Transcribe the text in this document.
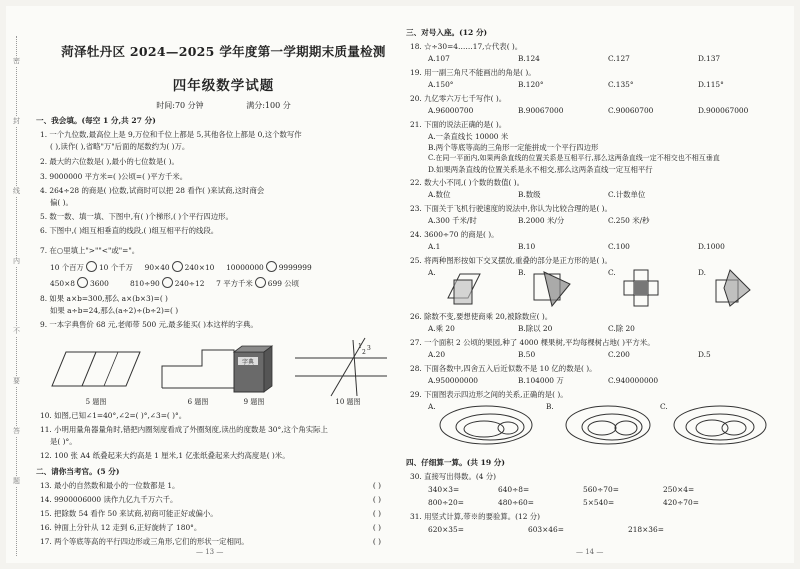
密
封
线
内
不
要
答
题
菏泽牡丹区 2024—2025 学年度第一学期期末质量检测
四年级数学试题
时间:70 分钟	满分:100 分
一、我会填。(每空 1 分,共 27 分)
1. 一个九位数,最高位上是 9,万位和千位上都是 5,其他各位上都是 0,这个数写作
( ),读作( ),省略"万"后面的尾数约为( )万。
2. 最大的六位数是( ),最小的七位数是( )。
3. 9000000 平方米=( )公顷=( )平方千米。
4. 264÷28 的商是( )位数,试商时可以把 28 看作( )来试商,这时商会
偏( )。
5. 数一数、填一填、下图中,有( )个梯形,( )个平行四边形。
6. 下图中,( )组互相垂直的线段,( )组互相平行的线段。
7. 在○里填上">""<"或"="。
10 个百万 10 个千万 90×40 240×10 10000000 9999999
450×8 3600	810÷90 240÷12 7 平方千米 699 公顷
8. 如果 a×b=300,那么 a×(b×3)=( )
如果 a÷b=24,那么(a÷2)÷(b÷2)=( )
9. 一本字典售价 68 元,老师带 500 元,最多能买( )本这样的字典。
字典
1
2
3
5 题图	6 题图	9 题图	10 题图
10. 如图,已知∠1=40°,∠2=( )°,∠3=( )°。
11. 小明用量角器量角时,错把内圈刻度看成了外圈刻度,读出的度数是 30°,这个角实际上
是( )°。
12. 100 张 A4 纸叠起来大约高是 1 厘米,1 亿张纸叠起来大约高度是( )米。
二、请你当考官。(5 分)
13. 最小的自然数和最小的一位数都是 1。	( )
14. 9900006000 读作九亿九千万六千。	( )
15. 把除数 54 看作 50 来试商,初商可能正好或偏小。	( )
16. 钟面上分针从 12 走到 6,正好旋转了 180°。	( )
17. 两个等底等高的平行四边形或三角形,它们的形状一定相同。	( )
— 13 —
三、对号入座。(12 分)
18. ☆÷30=4……17,☆代表( )。
A.107	B.124	C.127	D.137
19. 用一副三角尺不能画出的角是( )。
A.150°	B.120°	C.135°	D.115°
20. 九亿零六万七千写作( )。
A.96000700	B.90067000	C.90060700	D.900067000
21. 下面的说法正确的是( )。
A.一条直线长 10000 米
B.两个等底等高的三角形一定能拼成一个平行四边形
C.在同一平面内,如果两条直线的位置关系是互相平行,那么这两条直线一定不相交也不相互垂直
D.如果两条直线的位置关系是永不相交,那么这两条直线一定互相平行
22. 数大小不同,( )个数的数值( )。
A.数位	B.数级	C.计数单位
23. 下面关于飞机行驶速度的说法中,你认为比较合理的是( )。
A.300 千米/时	B.2000 米/分	C.250 米/秒
24. 3600÷70 的商是( )。
A.1	B.10	C.100	D.1000
25. 将两种图形按如下交叉摆放,重叠的部分是正方形的是( )。
A.	B.	C.	D.
26. 除数不变,要想使商乘 20,被除数应( )。
A.乘 20	B.除以 20	C.除 20
27. 一个面积 2 公顷的果园,种了 4000 棵果树,平均每棵树占地( )平方米。
A.20	B.50	C.200	D.5
28. 下面各数中,四舍五入后近似数不是 10 亿的数是( )。
A.950000000	B.104000 万	C.940000000
29. 下面图表示四边形之间的关系,正确的是( )。
A.	B.	C.
四、仔细算一算。(共 19 分)
30. 直接写出得数。(4 分)
340×3=	640÷8=	560÷70=	250×4=
800÷20=	480÷60=	5×540=	420÷70=
31. 用竖式计算,带※的要验算。(12 分)
620×35=	603×46=	218×36=
— 14 —
